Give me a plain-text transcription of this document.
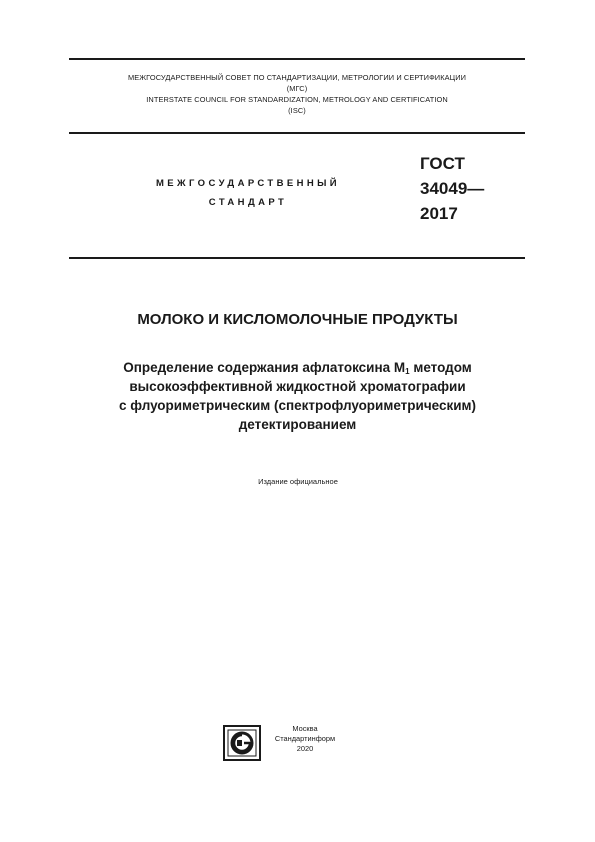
МЕЖГОСУДАРСТВЕННЫЙ СОВЕТ ПО СТАНДАРТИЗАЦИИ, МЕТРОЛОГИИ И СЕРТИФИКАЦИИ
(МГС)
INTERSTATE COUNCIL FOR STANDARDIZATION, METROLOGY AND CERTIFICATION
(ISC)
МЕЖГОСУДАРСТВЕННЫЙ
СТАНДАРТ
ГОСТ
34049—
2017
МОЛОКО И КИСЛОМОЛОЧНЫЕ ПРОДУКТЫ
Определение содержания афлатоксина $М_1$ методом
высокоэффективной жидкостной хроматографии
с флуориметрическим (спектрофлуориметрическим)
детектированием
Издание официальное
Москва
Стандартинформ
2020
